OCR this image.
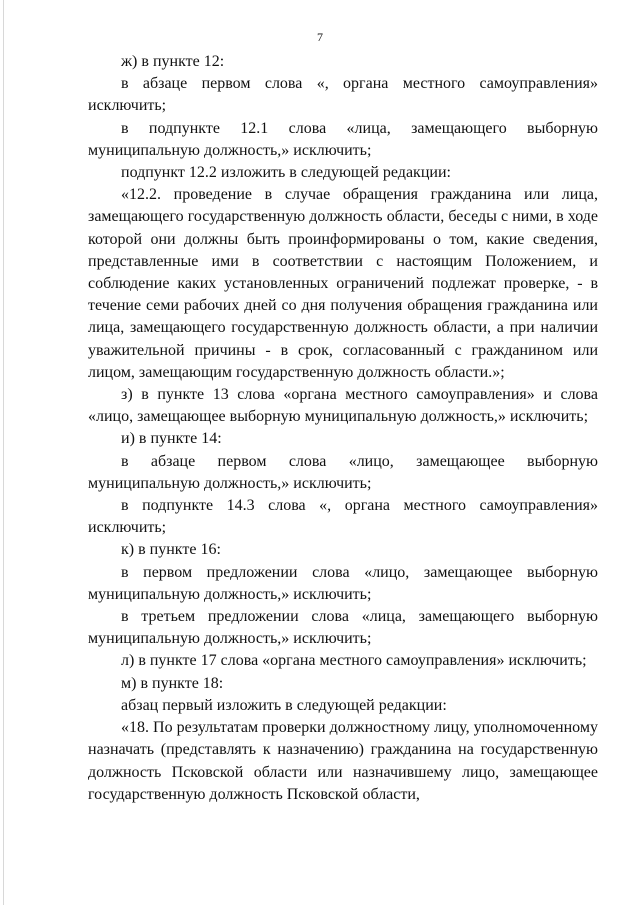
7

ж) в пункте 12:

в абзаце первом слова «, органа местного самоуправления» исключить;

в подпункте 12.1 слова «лица, замещающего выборную муниципальную должность,» исключить;

подпункт 12.2 изложить в следующей редакции:

«12.2. проведение в случае обращения гражданина или лица, замещающего государственную должность области, беседы с ними, в ходе которой они должны быть проинформированы о том, какие сведения, представленные ими в соответствии с настоящим Положением, и соблюдение каких установленных ограничений подлежат проверке, - в течение семи рабочих дней со дня получения обращения гражданина или лица, замещающего государственную должность области, а при наличии уважительной причины - в срок, согласованный с гражданином или лицом, замещающим государственную должность области.»;

з) в пункте 13 слова «органа местного самоуправления» и слова «лицо, замещающее выборную муниципальную должность,» исключить;

и) в пункте 14:

в абзаце первом слова «лицо, замещающее выборную муниципальную должность,» исключить;

в подпункте 14.3 слова «, органа местного самоуправления» исключить;

к) в пункте 16:

в первом предложении слова «лицо, замещающее выборную муниципальную должность,» исключить;

в третьем предложении слова «лица, замещающего выборную муниципальную должность,» исключить;

л) в пункте 17 слова «органа местного самоуправления» исключить;

м) в пункте 18:

абзац первый изложить в следующей редакции:

«18. По результатам проверки должностному лицу, уполномоченному назначать (представлять к назначению) гражданина на государственную должность Псковской области или назначившему лицо, замещающее государственную должность Псковской области,
